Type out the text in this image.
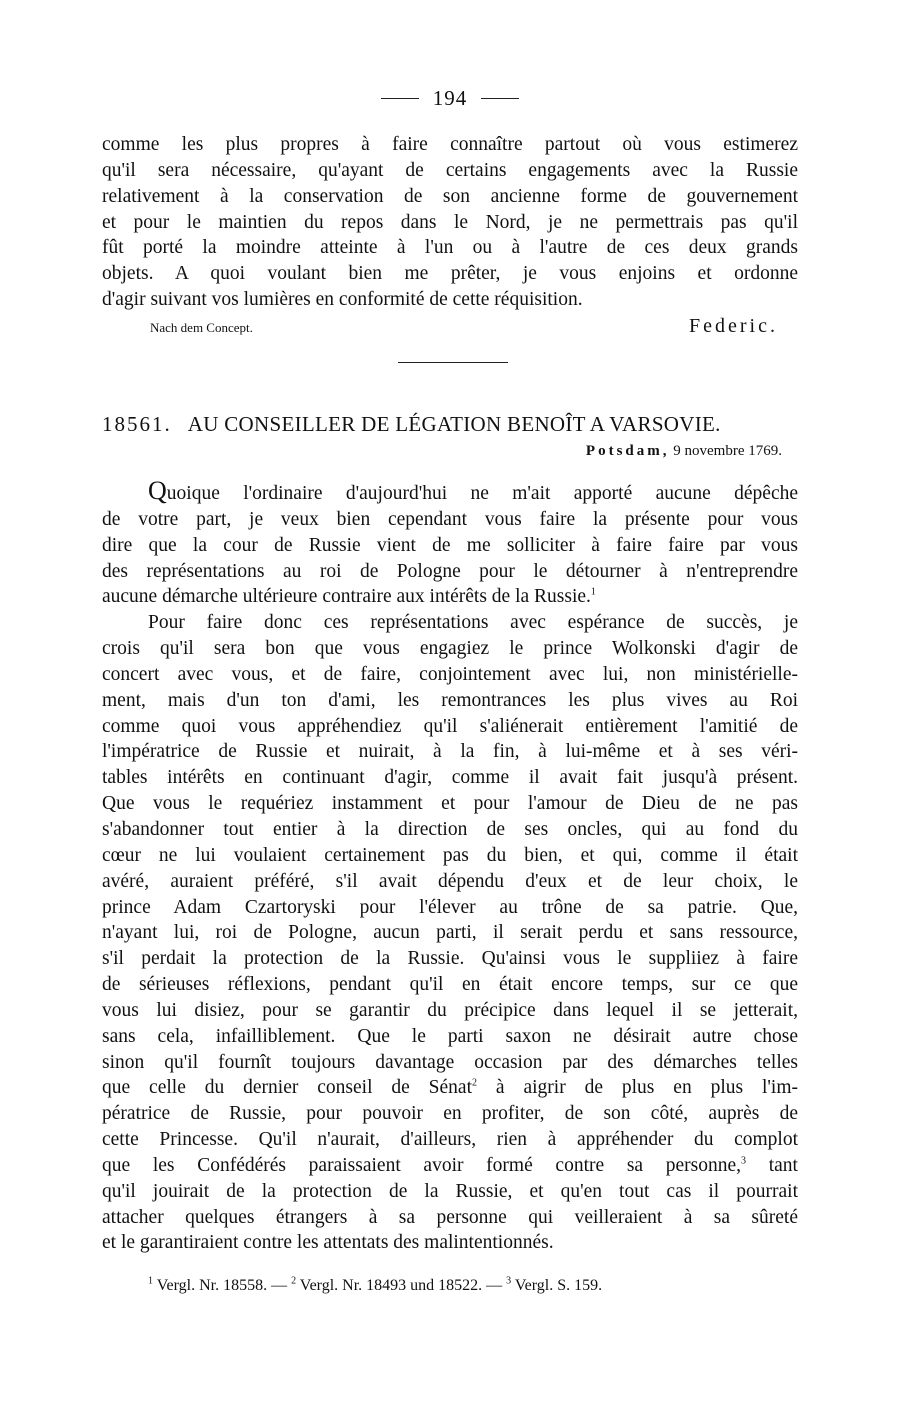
194
comme les plus propres à faire connaître partout où vous estimerez
qu'il sera nécessaire, qu'ayant de certains engagements avec la Russie
relativement à la conservation de son ancienne forme de gouvernement
et pour le maintien du repos dans le Nord, je ne permettrais pas qu'il
fût porté la moindre atteinte à l'un ou à l'autre de ces deux grands
objets. A quoi voulant bien me prêter, je vous enjoins et ordonne
d'agir suivant vos lumières en conformité de cette réquisition.
Nach dem Concept.	Federic.
18561. AU CONSEILLER DE LÉGATION BENOÎT A VARSOVIE.
Potsdam, 9 novembre 1769.
Quoique l'ordinaire d'aujourd'hui ne m'ait apporté aucune dépêche
de votre part, je veux bien cependant vous faire la présente pour vous
dire que la cour de Russie vient de me solliciter à faire faire par vous
des représentations au roi de Pologne pour le détourner à n'entreprendre
aucune démarche ultérieure contraire aux intérêts de la Russie.$^1$
Pour faire donc ces représentations avec espérance de succès, je
crois qu'il sera bon que vous engagiez le prince Wolkonski d'agir de
concert avec vous, et de faire, conjointement avec lui, non ministérielle-
ment, mais d'un ton d'ami, les remontrances les plus vives au Roi
comme quoi vous appréhendiez qu'il s'aliénerait entièrement l'amitié de
l'impératrice de Russie et nuirait, à la fin, à lui-même et à ses véri-
tables intérêts en continuant d'agir, comme il avait fait jusqu'à présent.
Que vous le requériez instamment et pour l'amour de Dieu de ne pas
s'abandonner tout entier à la direction de ses oncles, qui au fond du
cœur ne lui voulaient certainement pas du bien, et qui, comme il était
avéré, auraient préféré, s'il avait dépendu d'eux et de leur choix, le
prince Adam Czartoryski pour l'élever au trône de sa patrie. Que,
n'ayant lui, roi de Pologne, aucun parti, il serait perdu et sans ressource,
s'il perdait la protection de la Russie. Qu'ainsi vous le suppliiez à faire
de sérieuses réflexions, pendant qu'il en était encore temps, sur ce que
vous lui disiez, pour se garantir du précipice dans lequel il se jetterait,
sans cela, infailliblement. Que le parti saxon ne désirait autre chose
sinon qu'il fournît toujours davantage occasion par des démarches telles
que celle du dernier conseil de Sénat$^2$ à aigrir de plus en plus l'im-
pératrice de Russie, pour pouvoir en profiter, de son côté, auprès de
cette Princesse. Qu'il n'aurait, d'ailleurs, rien à appréhender du complot
que les Confédérés paraissaient avoir formé contre sa personne,$^3$ tant
qu'il jouirait de la protection de la Russie, et qu'en tout cas il pourrait
attacher quelques étrangers à sa personne qui veilleraient à sa sûreté
et le garantiraient contre les attentats des malintentionnés.
$^1$ Vergl. Nr. 18558. — $^2$ Vergl. Nr. 18493 und 18522. — $^3$ Vergl. S. 159.
